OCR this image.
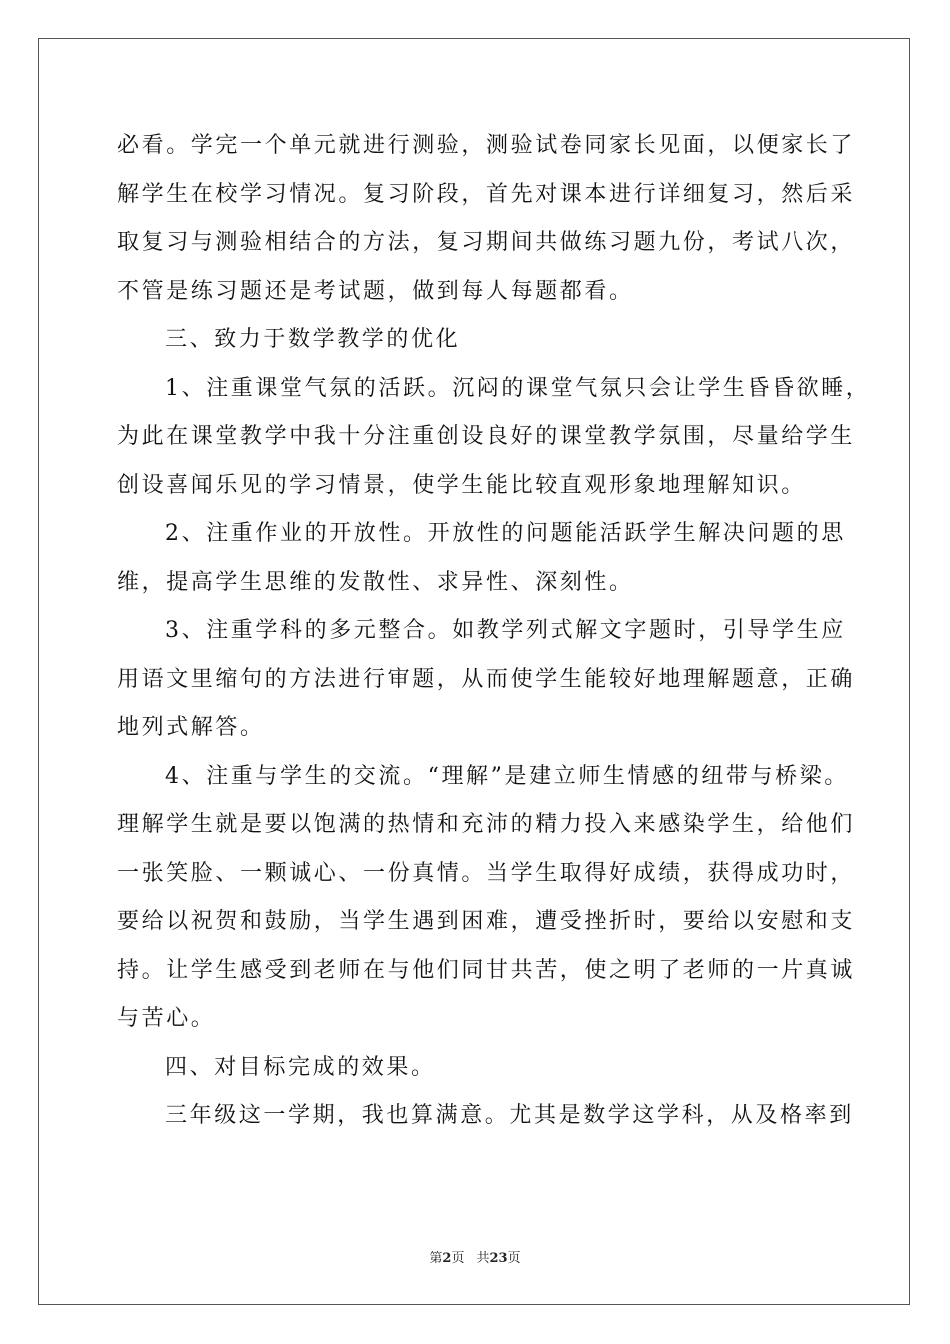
必看。学完一个单元就进行测验，测验试卷同家长见面，以便家长了
解学生在校学习情况。复习阶段，首先对课本进行详细复习，然后采
取复习与测验相结合的方法，复习期间共做练习题九份，考试八次，
不管是练习题还是考试题，做到每人每题都看。
三、致力于数学教学的优化
1、注重课堂气氛的活跃。沉闷的课堂气氛只会让学生昏昏欲睡，
为此在课堂教学中我十分注重创设良好的课堂教学氛围，尽量给学生
创设喜闻乐见的学习情景，使学生能比较直观形象地理解知识。
2、注重作业的开放性。开放性的问题能活跃学生解决问题的思
维，提高学生思维的发散性、求异性、深刻性。
3、注重学科的多元整合。如教学列式解文字题时，引导学生应
用语文里缩句的方法进行审题，从而使学生能较好地理解题意，正确
地列式解答。
4、注重与学生的交流。“理解”是建立师生情感的纽带与桥梁。
理解学生就是要以饱满的热情和充沛的精力投入来感染学生，给他们
一张笑脸、一颗诚心、一份真情。当学生取得好成绩，获得成功时，
要给以祝贺和鼓励，当学生遇到困难，遭受挫折时，要给以安慰和支
持。让学生感受到老师在与他们同甘共苦，使之明了老师的一片真诚
与苦心。
四、对目标完成的效果。
三年级这一学期，我也算满意。尤其是数学这学科，从及格率到
第2页 共23页
